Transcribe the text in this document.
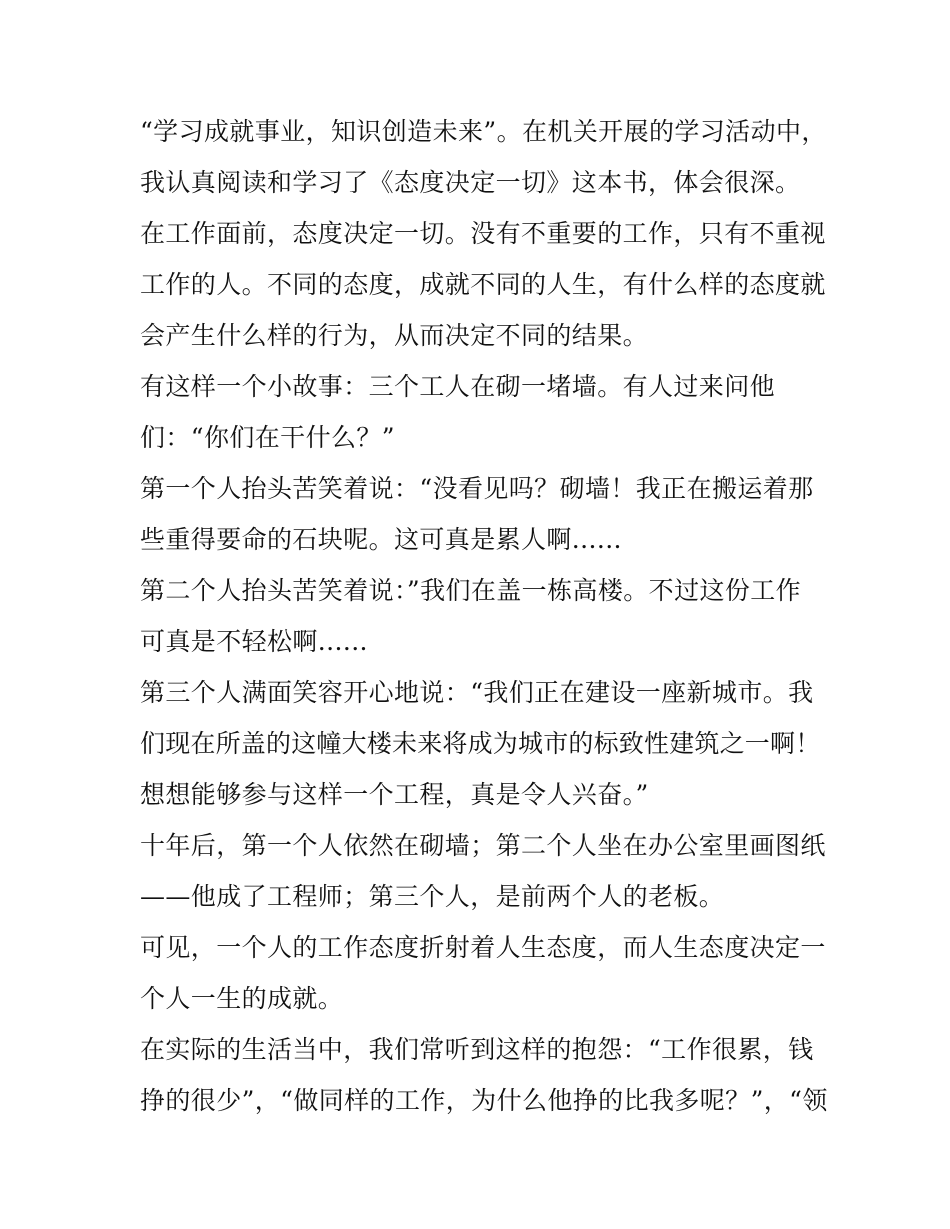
“学习成就事业，知识创造未来”。在机关开展的学习活动中，
我认真阅读和学习了《态度决定一切》这本书，体会很深。
在工作面前，态度决定一切。没有不重要的工作，只有不重视
工作的人。不同的态度，成就不同的人生，有什么样的态度就
会产生什么样的行为，从而决定不同的结果。
有这样一个小故事：三个工人在砌一堵墙。有人过来问他
们：“你们在干什么？”
第一个人抬头苦笑着说：“没看见吗？砌墙！我正在搬运着那
些重得要命的石块呢。这可真是累人啊......
第二个人抬头苦笑着说：”我们在盖一栋高楼。不过这份工作
可真是不轻松啊......
第三个人满面笑容开心地说：“我们正在建设一座新城市。我
们现在所盖的这幢大楼未来将成为城市的标致性建筑之一啊！
想想能够参与这样一个工程，真是令人兴奋。”
十年后，第一个人依然在砌墙；第二个人坐在办公室里画图纸
——他成了工程师；第三个人，是前两个人的老板。
可见，一个人的工作态度折射着人生态度，而人生态度决定一
个人一生的成就。
在实际的生活当中，我们常听到这样的抱怨：“工作很累，钱
挣的很少”，“做同样的工作，为什么他挣的比我多呢？”，“领
